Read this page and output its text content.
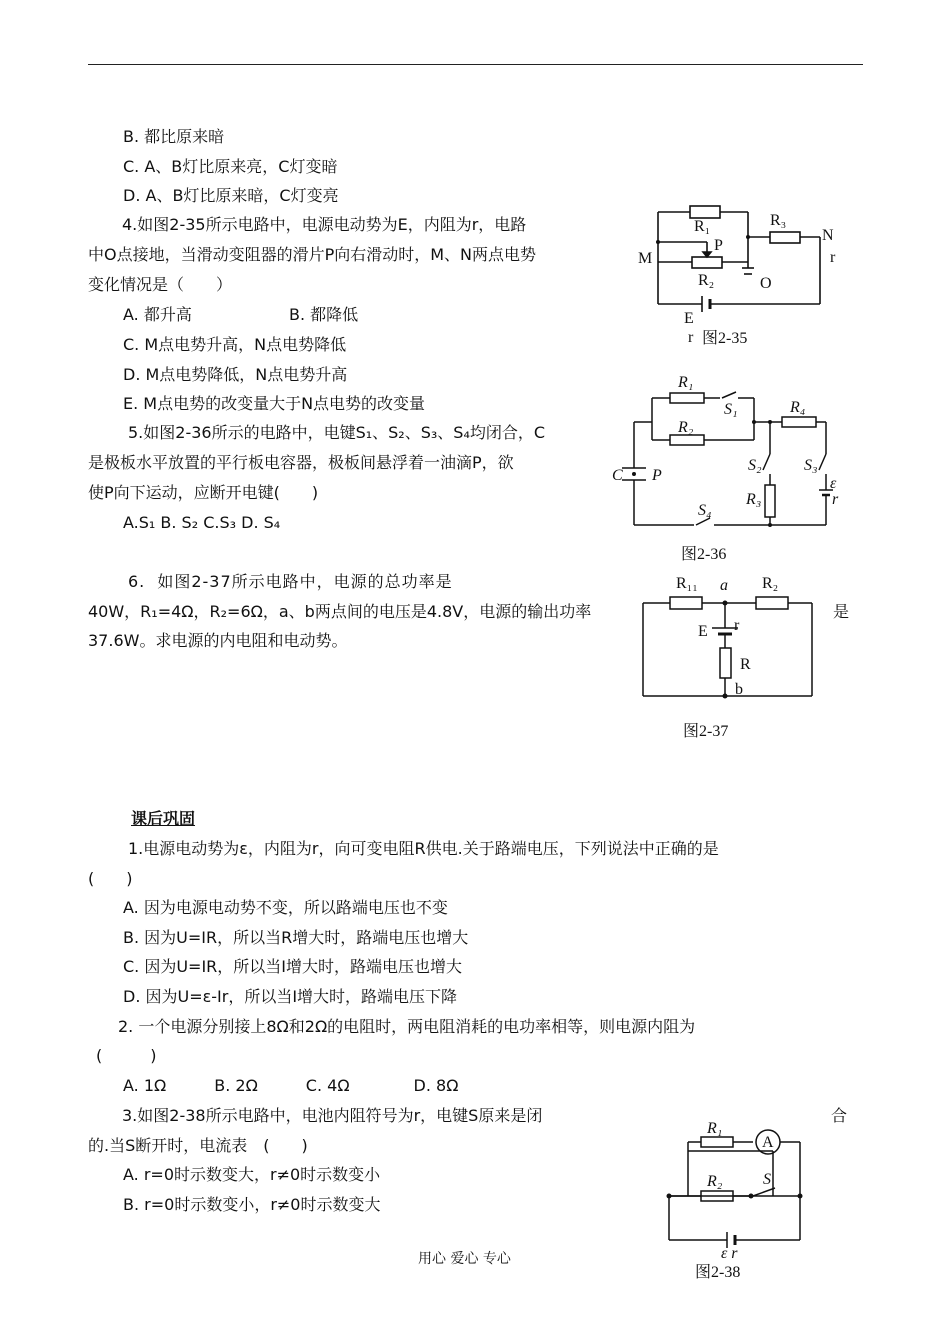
B. 都比原来暗
C. A、B灯比原来亮，C灯变暗
D. A、B灯比原来暗，C灯变亮
4.如图2-35所示电路中，电源电动势为E，内阻为r，电路
中O点接地，当滑动变阻器的滑片P向右滑动时，M、N两点电势
变化情况是（　　）
A. 都升高	B. 都降低
C. M点电势升高，N点电势降低
D. M点电势降低，N点电势升高
E. M点电势的改变量大于N点电势的改变量
5.如图2-36所示的电路中，电键S₁、S₂、S₃、S₄均闭合，C
是极板水平放置的平行板电容器，极板间悬浮着一油滴P，欲
使P向下运动，应断开电键(　　)
A.S₁ B. S₂ C.S₃ D. S₄
6. 如图2-37所示电路中，电源的总功率是
是
40W，R₁=4Ω，R₂=6Ω，a、b两点间的电压是4.8V，电源的输出功率
37.6W。求电源的内电阻和电动势。
课后巩固
1.电源电动势为ε，内阻为r，向可变电阻R供电.关于路端电压，下列说法中正确的是
(　　)
A. 因为电源电动势不变，所以路端电压也不变
B. 因为U=IR，所以当R增大时，路端电压也增大
C. 因为U=IR，所以当I增大时，路端电压也增大
D. 因为U=ε-Ir，所以当I增大时，路端电压下降
2. 一个电源分别接上8Ω和2Ω的电阻时，两电阻消耗的电功率相等，则电源内阻为
(　　　)
A. 1Ω　　　B. 2Ω　　　C. 4Ω　　　　D. 8Ω
3.如图2-38所示电路中，电池内阻符号为r，电键S原来是闭	合
的.当S断开时，电流表　(　　)
A. r=0时示数变大，r≠0时示数变小
B. r=0时示数变小，r≠0时示数变大
R₁	R₃
N
r
P
M
R₂	O
E
r 图2-35
R₁
S₁
R₂
R₄
S₂	S₃
R₃
ε
r
C P
S₄
图2-36
R₁₁ a R₂
E r
R
b
图2-37
A
R₁
R₂	S
ε r
图2-38
用心 爱心 专心
